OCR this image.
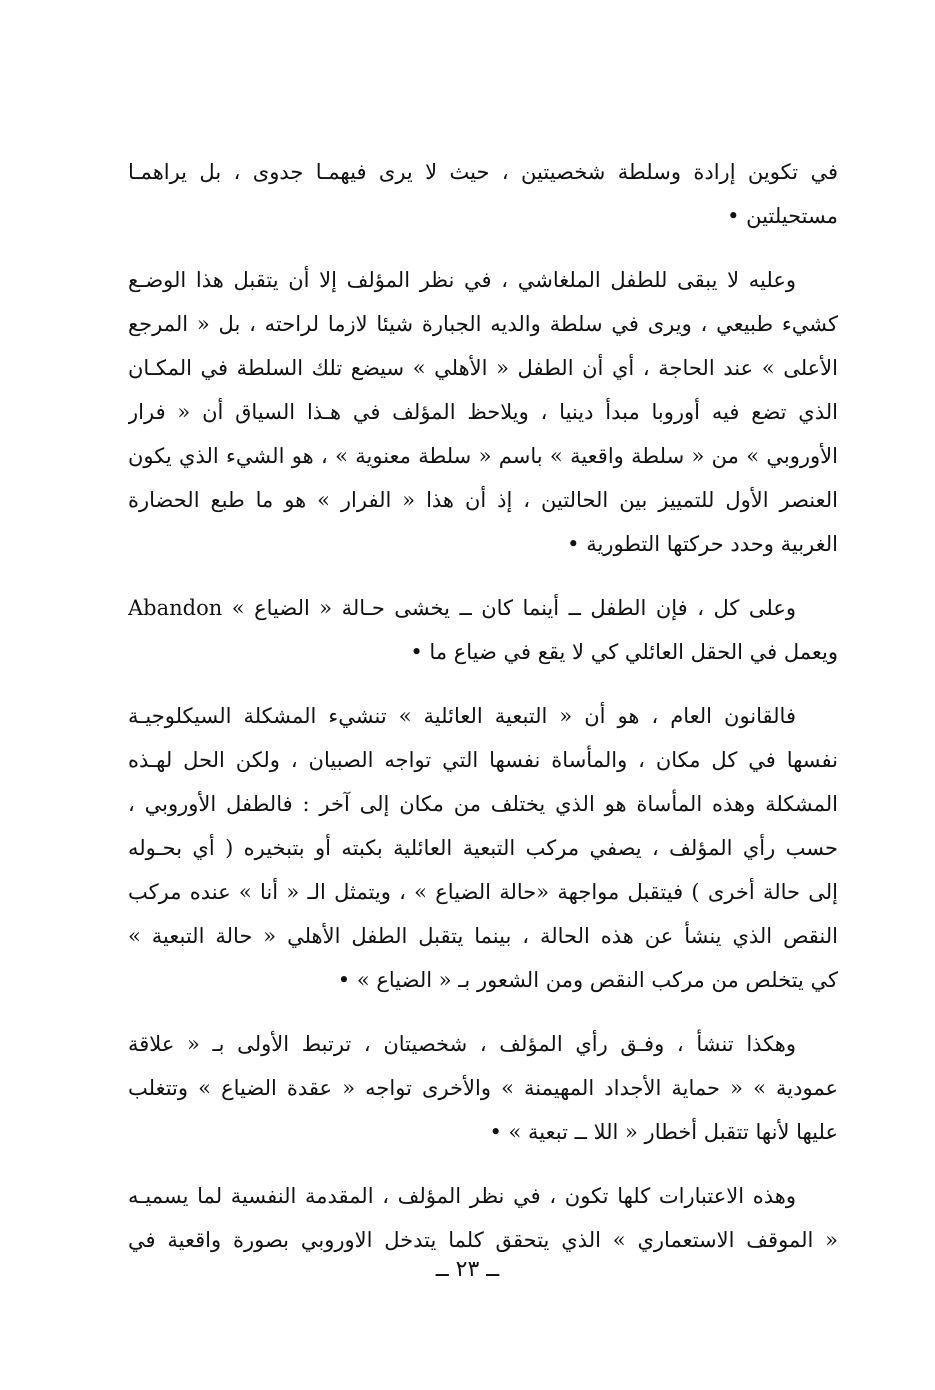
في تكوين إرادة وسلطة شخصيتين ، حيث لا يرى فيهمـا جدوى ، بل يراهمـا
مستحيلتين •
وعليه لا يبقى للطفل الملغاشي ، في نظر المؤلف إلا أن يتقبل هذا الوضـع
كشيء طبيعي ، ويرى في سلطة والديه الجبارة شيئا لازما لراحته ، بل « المرجع
الأعلى » عند الحاجة ، أي أن الطفل « الأهلي » سيضع تلك السلطة في المكـان
الذي تضع فيه أوروبا مبدأ دينيا ، ويلاحظ المؤلف في هـذا السياق أن « فرار
الأوروبي » من « سلطة واقعية » باسم « سلطة معنوية » ، هو الشيء الذي يكون
العنصر الأول للتمييز بين الحالتين ، إذ أن هذا « الفرار » هو ما طبع الحضارة
الغربية وحدد حركتها التطورية •
وعلى كل ، فإن الطفل ــ أينما كان ــ يخشى حـالة « الضياع » Abandon
ويعمل في الحقل العائلي كي لا يقع في ضياع ما •
فالقانون العام ، هو أن « التبعية العائلية » تنشيء المشكلة السيكلوجيـة
نفسها في كل مكان ، والمأساة نفسها التي تواجه الصبيان ، ولكن الحل لهـذه
المشكلة وهذه المأساة هو الذي يختلف من مكان إلى آخر : فالطفل الأوروبي ،
حسب رأي المؤلف ، يصفي مركب التبعية العائلية بكبته أو بتبخيره ( أي بحـوله
إلى حالة أخرى ) فيتقبل مواجهة «حالة الضياع » ، ويتمثل الـ « أنا » عنده مركب
النقص الذي ينشأ عن هذه الحالة ، بينما يتقبل الطفل الأهلي « حالة التبعية »
كي يتخلص من مركب النقص ومن الشعور بـ « الضياع » •
وهكذا تنشأ ، وفـق رأي المؤلف ، شخصيتان ، ترتبط الأولى بـ « علاقة
عمودية » « حماية الأجداد المهيمنة » والأخرى تواجه « عقدة الضياع » وتتغلب
عليها لأنها تتقبل أخطار « اللا ــ تبعية » •
وهذه الاعتبارات كلها تكون ، في نظر المؤلف ، المقدمة النفسية لما يسميـه
« الموقف الاستعماري » الذي يتحقق كلما يتدخل الاوروبي بصورة واقعية في
ــ ٢٣ ــ
